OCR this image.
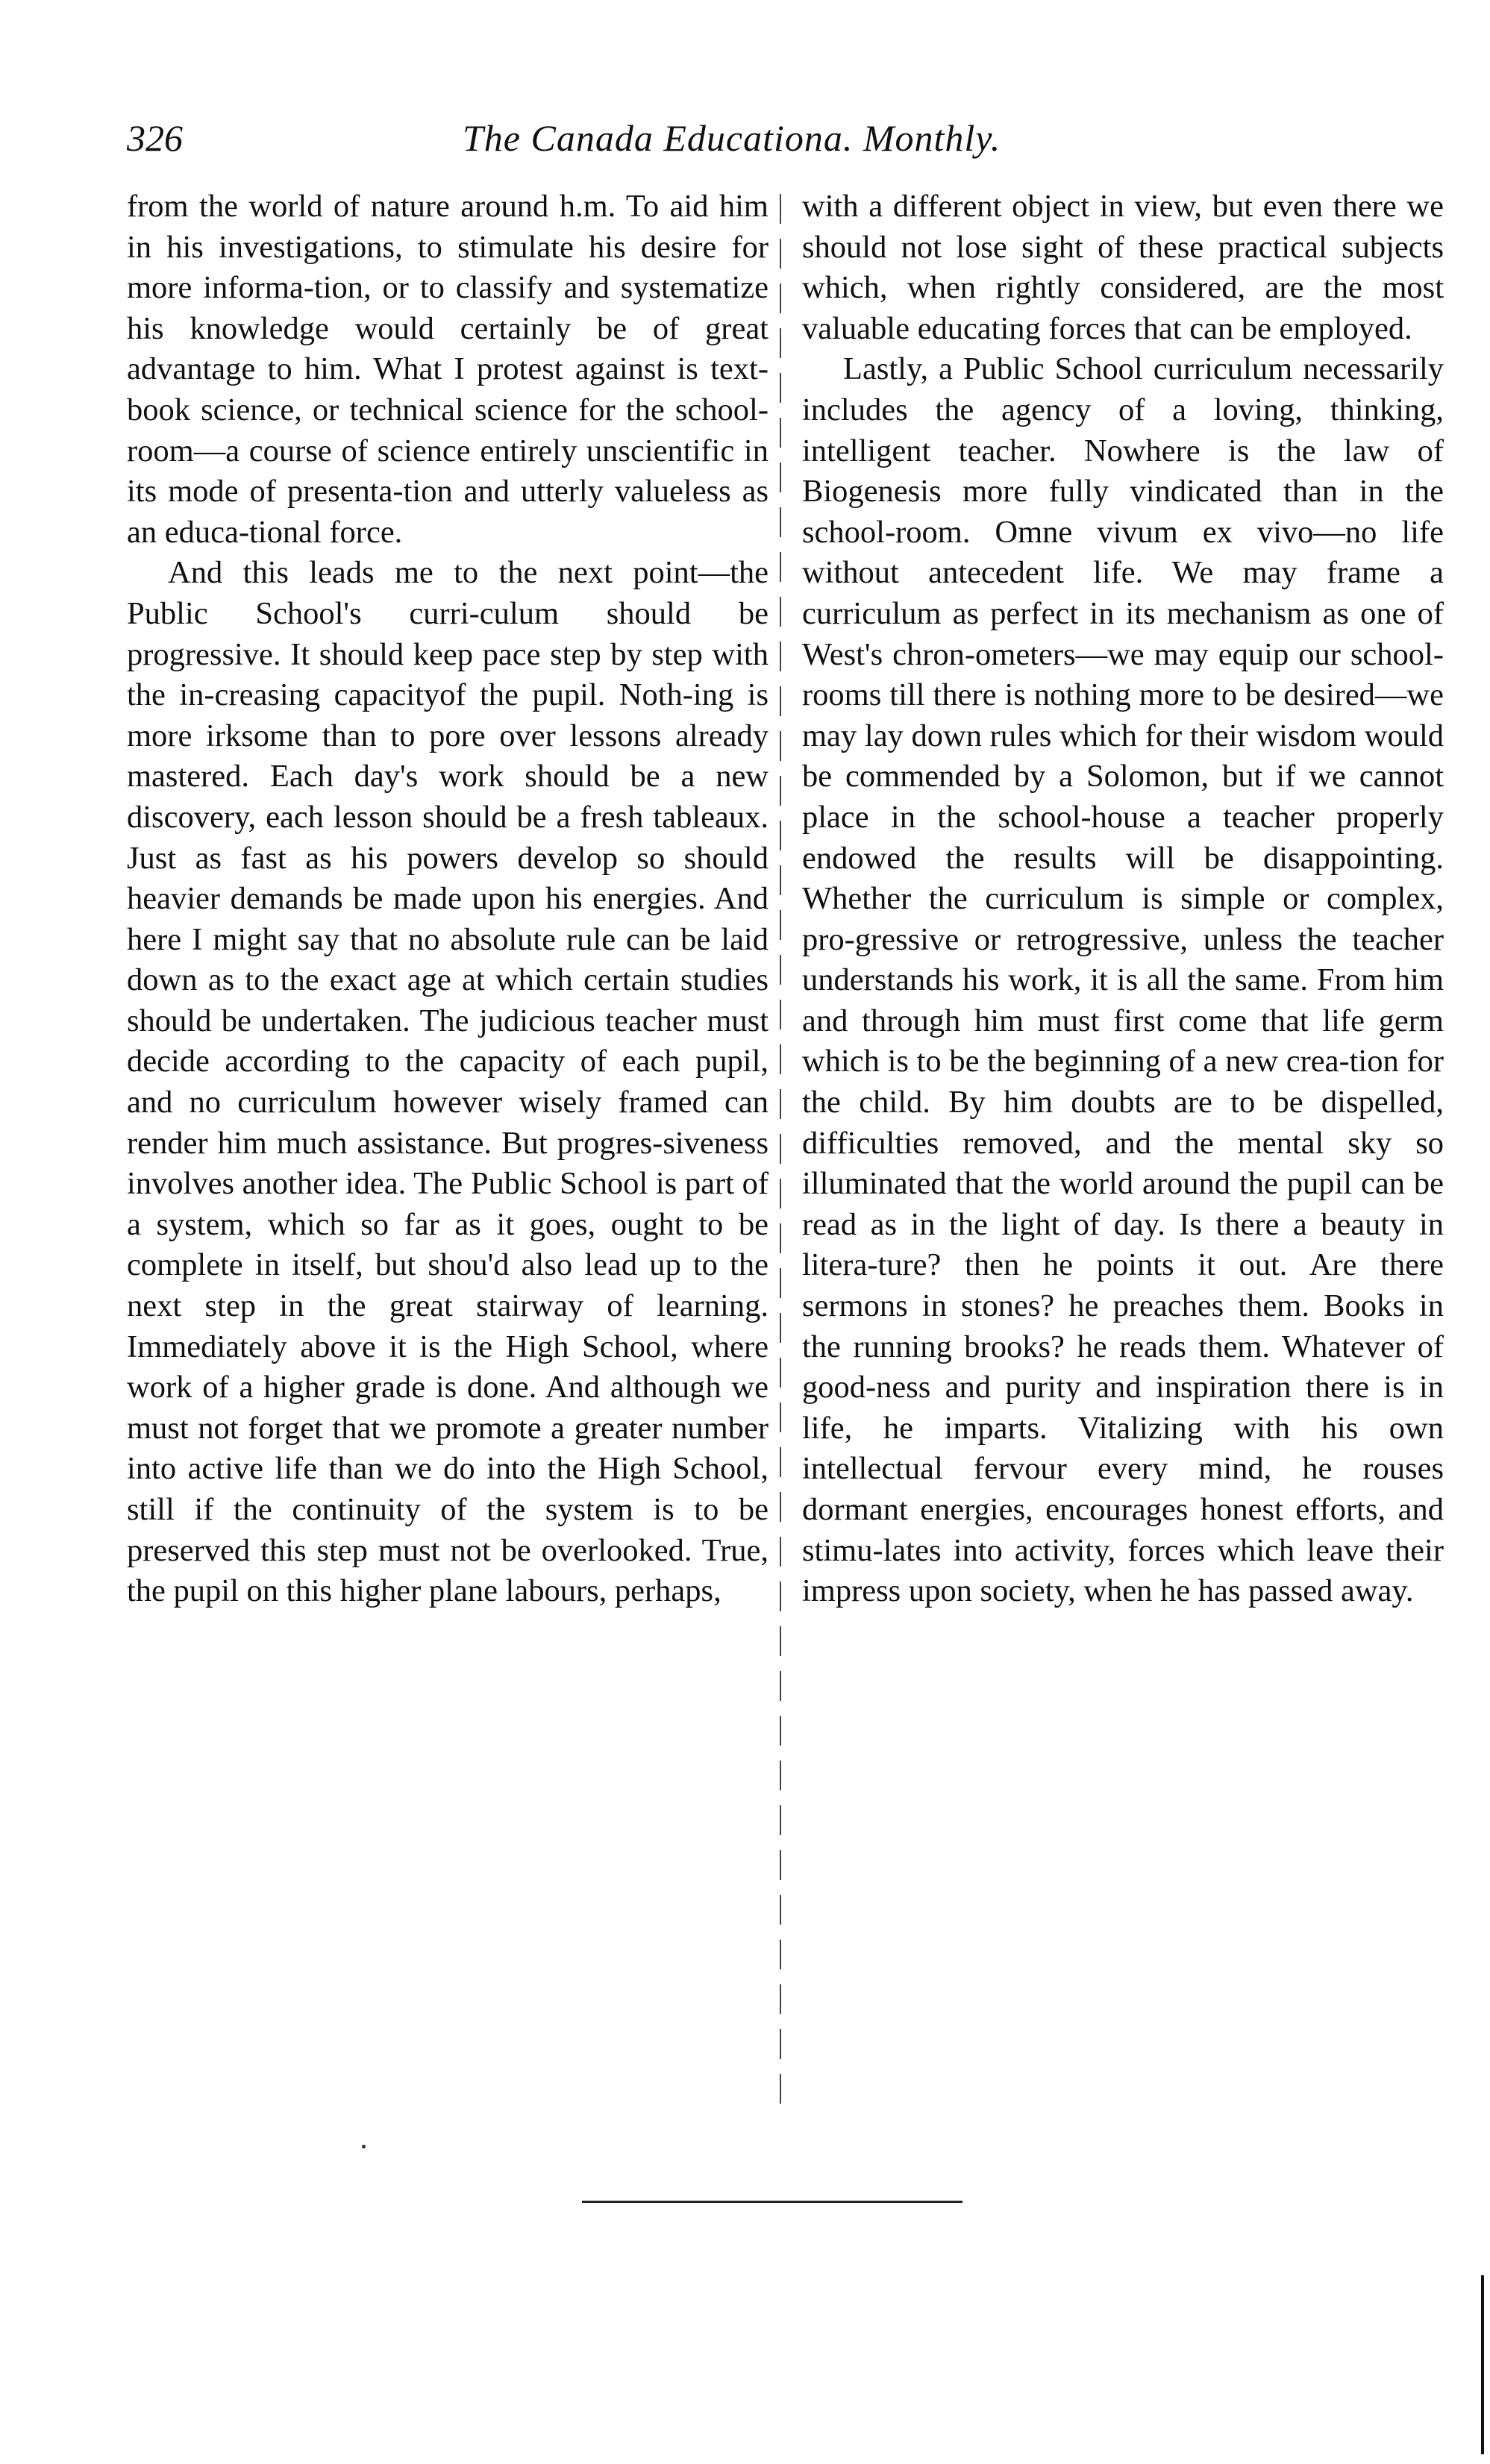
326	The Canada Educationa. Monthly.

from the world of nature around h.m. To aid him in his investigations, to stimulate his desire for more informa-tion, or to classify and systematize his knowledge would certainly be of great advantage to him. What I protest against is text-book science, or technical science for the school-room—a course of science entirely unscientific in its mode of presenta-tion and utterly valueless as an educa-tional force.

And this leads me to the next point—the Public School's curri-culum should be progressive. It should keep pace step by step with the in-creasing capacityof the pupil. Noth-ing is more irksome than to pore over lessons already mastered. Each day's work should be a new discovery, each lesson should be a fresh tableaux. Just as fast as his powers develop so should heavier demands be made upon his energies. And here I might say that no absolute rule can be laid down as to the exact age at which certain studies should be undertaken. The judicious teacher must decide according to the capacity of each pupil, and no curriculum however wisely framed can render him much assistance. But progres-siveness involves another idea. The Public School is part of a system, which so far as it goes, ought to be complete in itself, but shou'd also lead up to the next step in the great stairway of learning. Immediately above it is the High School, where work of a higher grade is done. And although we must not forget that we promote a greater number into active life than we do into the High School, still if the continuity of the system is to be preserved this step must not be overlooked. True, the pupil on this higher plane labours, perhaps,

with a different object in view, but even there we should not lose sight of these practical subjects which, when rightly considered, are the most valuable educating forces that can be employed.

Lastly, a Public School curriculum necessarily includes the agency of a loving, thinking, intelligent teacher. Nowhere is the law of Biogenesis more fully vindicated than in the school-room. Omne vivum ex vivo—no life without antecedent life. We may frame a curriculum as perfect in its mechanism as one of West's chron-ometers—we may equip our school-rooms till there is nothing more to be desired—we may lay down rules which for their wisdom would be commended by a Solomon, but if we cannot place in the school-house a teacher properly endowed the results will be disappointing. Whether the curriculum is simple or complex, pro-gressive or retrogressive, unless the teacher understands his work, it is all the same. From him and through him must first come that life germ which is to be the beginning of a new crea-tion for the child. By him doubts are to be dispelled, difficulties removed, and the mental sky so illuminated that the world around the pupil can be read as in the light of day. Is there a beauty in litera-ture? then he points it out. Are there sermons in stones? he preaches them. Books in the running brooks? he reads them. Whatever of good-ness and purity and inspiration there is in life, he imparts. Vitalizing with his own intellectual fervour every mind, he rouses dormant energies, encourages honest efforts, and stimu-lates into activity, forces which leave their impress upon society, when he has passed away.
